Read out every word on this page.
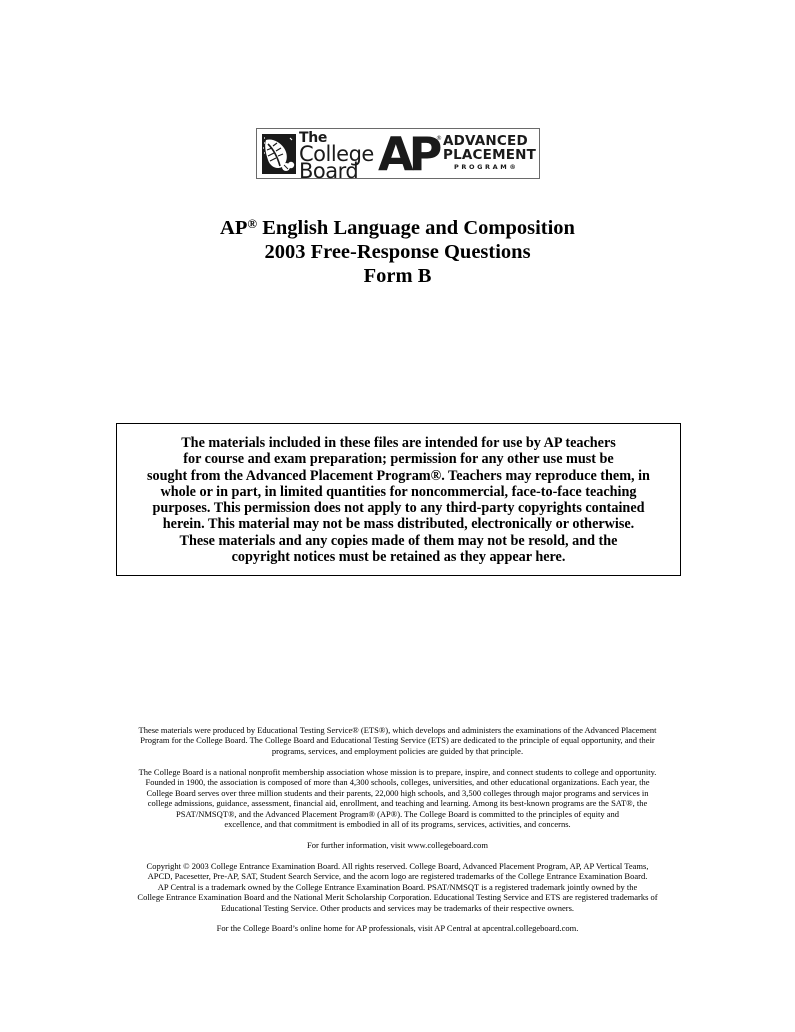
The
College
Board AP
® ADVANCED
PLACEMENT
PROGRAM®
AP® English Language and Composition
2003 Free-Response Questions
Form B
The materials included in these files are intended for use by AP teachers
for course and exam preparation; permission for any other use must be
sought from the Advanced Placement Program®. Teachers may reproduce them, in
whole or in part, in limited quantities for noncommercial, face-to-face teaching
purposes. This permission does not apply to any third-party copyrights contained
herein. This material may not be mass distributed, electronically or otherwise.
These materials and any copies made of them may not be resold, and the
copyright notices must be retained as they appear here.
These materials were produced by Educational Testing Service® (ETS®), which develops and administers the examinations of the Advanced Placement
Program for the College Board. The College Board and Educational Testing Service (ETS) are dedicated to the principle of equal opportunity, and their
programs, services, and employment policies are guided by that principle.
The College Board is a national nonprofit membership association whose mission is to prepare, inspire, and connect students to college and opportunity.
Founded in 1900, the association is composed of more than 4,300 schools, colleges, universities, and other educational organizations. Each year, the
College Board serves over three million students and their parents, 22,000 high schools, and 3,500 colleges through major programs and services in
college admissions, guidance, assessment, financial aid, enrollment, and teaching and learning. Among its best-known programs are the SAT®, the
PSAT/NMSQT®, and the Advanced Placement Program® (AP®). The College Board is committed to the principles of equity and
excellence, and that commitment is embodied in all of its programs, services, activities, and concerns.
For further information, visit www.collegeboard.com
Copyright © 2003 College Entrance Examination Board. All rights reserved. College Board, Advanced Placement Program, AP, AP Vertical Teams,
APCD, Pacesetter, Pre-AP, SAT, Student Search Service, and the acorn logo are registered trademarks of the College Entrance Examination Board.
AP Central is a trademark owned by the College Entrance Examination Board. PSAT/NMSQT is a registered trademark jointly owned by the
College Entrance Examination Board and the National Merit Scholarship Corporation. Educational Testing Service and ETS are registered trademarks of
Educational Testing Service. Other products and services may be trademarks of their respective owners.
For the College Board’s online home for AP professionals, visit AP Central at apcentral.collegeboard.com.
